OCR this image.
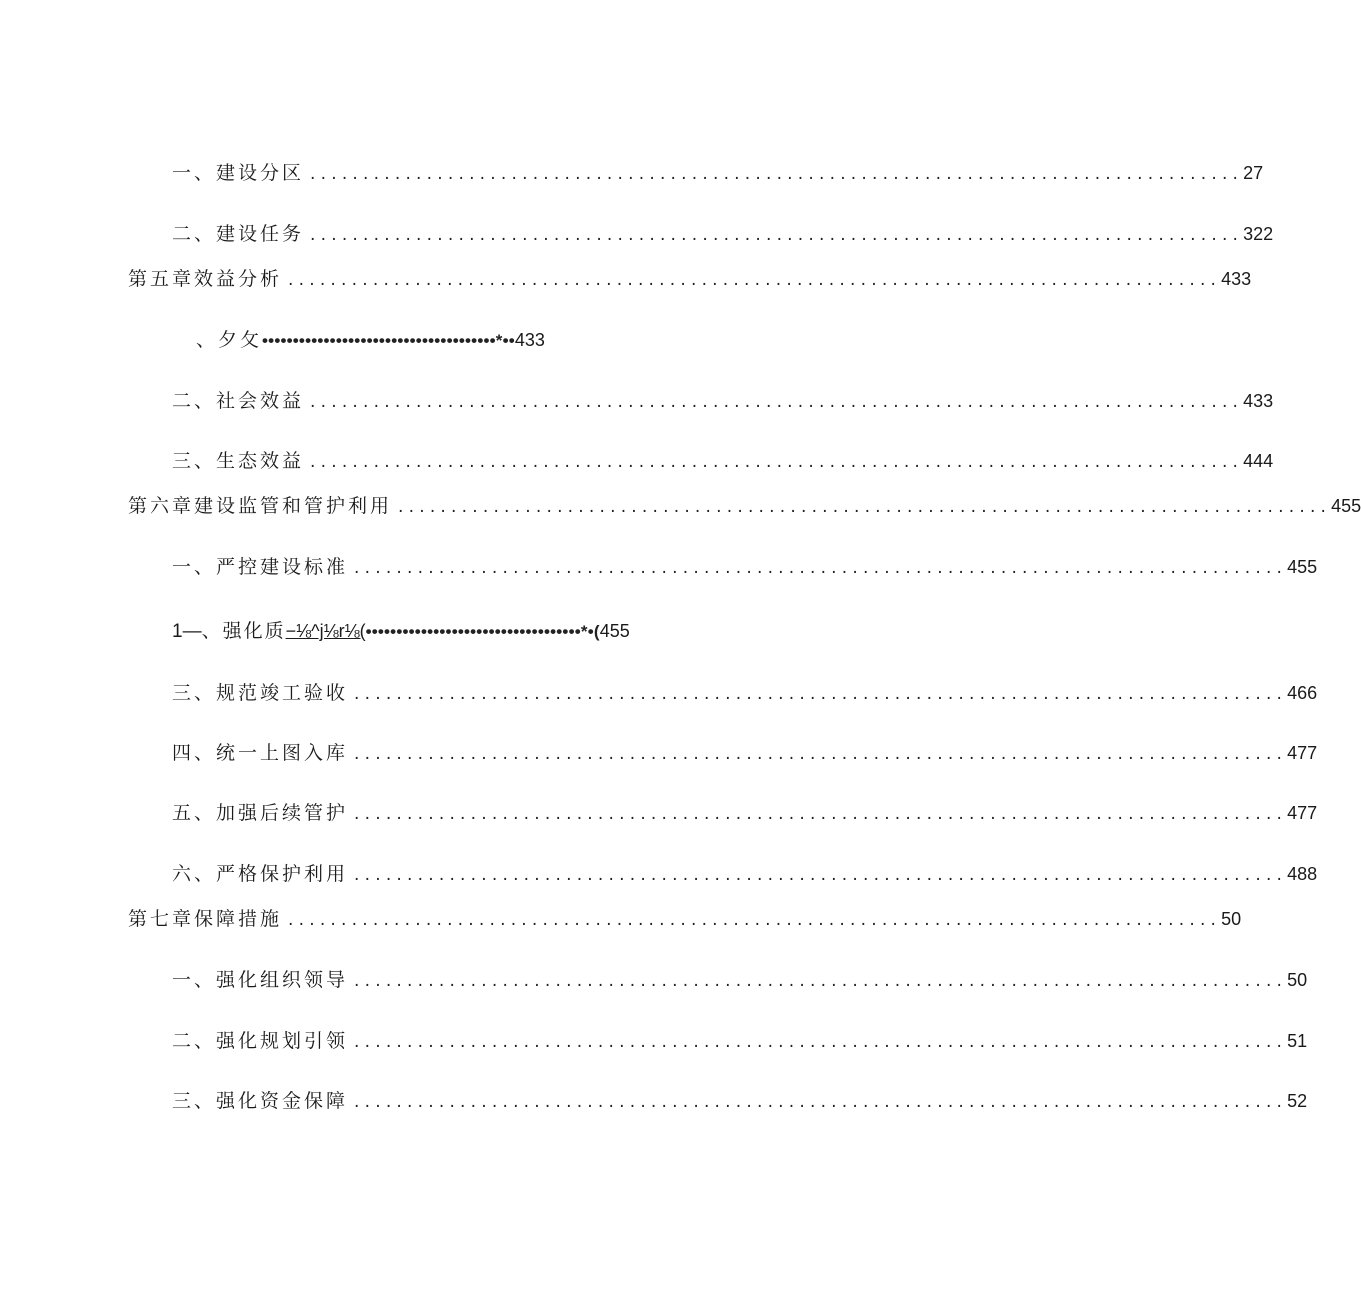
一、建设分区 ........................................................................................ 27
二、建设任务 ........................................................................................ 322
第五章效益分析 ........................................................................................ 433
、夕攵 ••••••••••••••••••••••••••••••••••••••*•• 433
二、社会效益 ........................................................................................ 433
三、生态效益 ........................................................................................ 444
第六章建设监管和管护利用 ........................................................................................ 455
一、严控建设标准 ........................................................................................ 455
1—、强化质 −⅛^j⅛r⅛( •••••••••••••••••••••••••••••••••••*•( 455
三、规范竣工验收 ........................................................................................ 466
四、统一上图入库 ........................................................................................ 477
五、加强后续管护 ........................................................................................ 477
六、严格保护利用 ........................................................................................ 488
第七章保障措施 ........................................................................................ 50
一、强化组织领导 ........................................................................................ 50
二、强化规划引领 ........................................................................................ 51
三、强化资金保障 ........................................................................................ 52
